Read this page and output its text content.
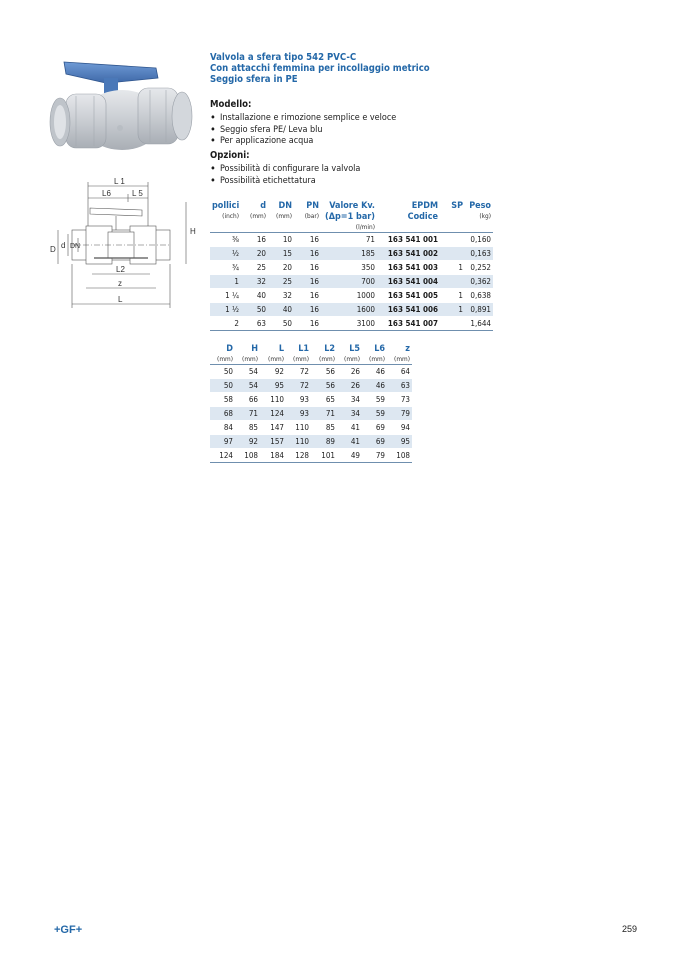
L 1
L6	L 5
H
D d DN
L2
z
L
Valvola a sfera tipo 542 PVC-C
Con attacchi femmina per incollaggio metrico
Seggio sfera in PE
Modello:
• Installazione e rimozione semplice e veloce
• Seggio sfera PE/ Leva blu
• Per applicazione acqua
Opzioni:
• Possibilità di configurare la valvola
• Possibilità etichettatura
pollici	d	DN	PN	Valore Kv.	EPDM	SP	Peso
(inch)	(mm)	(mm)	(bar)	(Δp=1 bar)	Codice		(kg)
				(l/min)			
⅜	16	10	16	71	163 541 001		0,160
½	20	15	16	185	163 541 002		0,163
¾	25	20	16	350	163 541 003	1	0,252
1	32	25	16	700	163 541 004		0,362
1 ¼	40	32	16	1000	163 541 005	1	0,638
1 ½	50	40	16	1600	163 541 006	1	0,891
2	63	50	16	3100	163 541 007		1,644
D	H	L	L1	L2	L5	L6	z
(mm)	(mm)	(mm)	(mm)	(mm)	(mm)	(mm)	(mm)
50	54	92	72	56	26	46	64
50	54	95	72	56	26	46	63
58	66	110	93	65	34	59	73
68	71	124	93	71	34	59	79
84	85	147	110	85	41	69	94
97	92	157	110	89	41	69	95
124	108	184	128	101	49	79	108
+GF+	259
